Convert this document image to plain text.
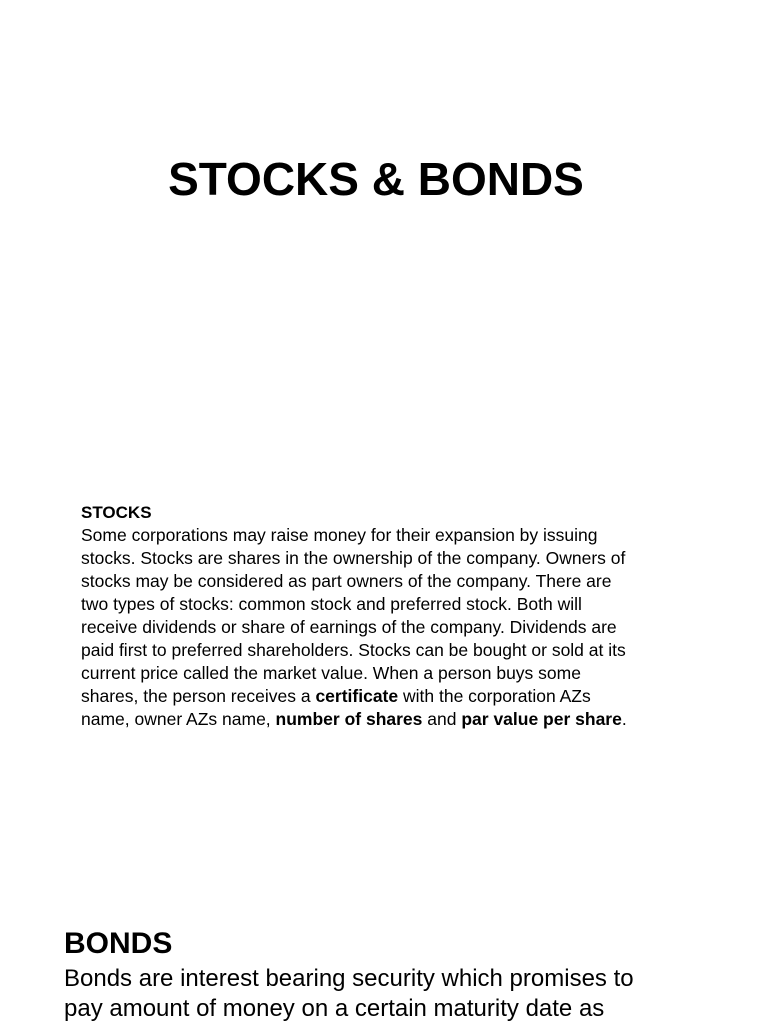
STOCKS & BONDS

STOCKS

Some corporations may raise money for their expansion by issuing
stocks. Stocks are shares in the ownership of the company. Owners of
stocks may be considered as part owners of the company. There are
two types of stocks: common stock and preferred stock. Both will
receive dividends or share of earnings of the company. Dividends are
paid first to preferred shareholders. Stocks can be bought or sold at its
current price called the market value. When a person buys some
shares, the person receives a certificate with the corporation AZs
name, owner AZs name, number of shares and par value per share.

BONDS

Bonds are interest bearing security which promises to
pay amount of money on a certain maturity date as
